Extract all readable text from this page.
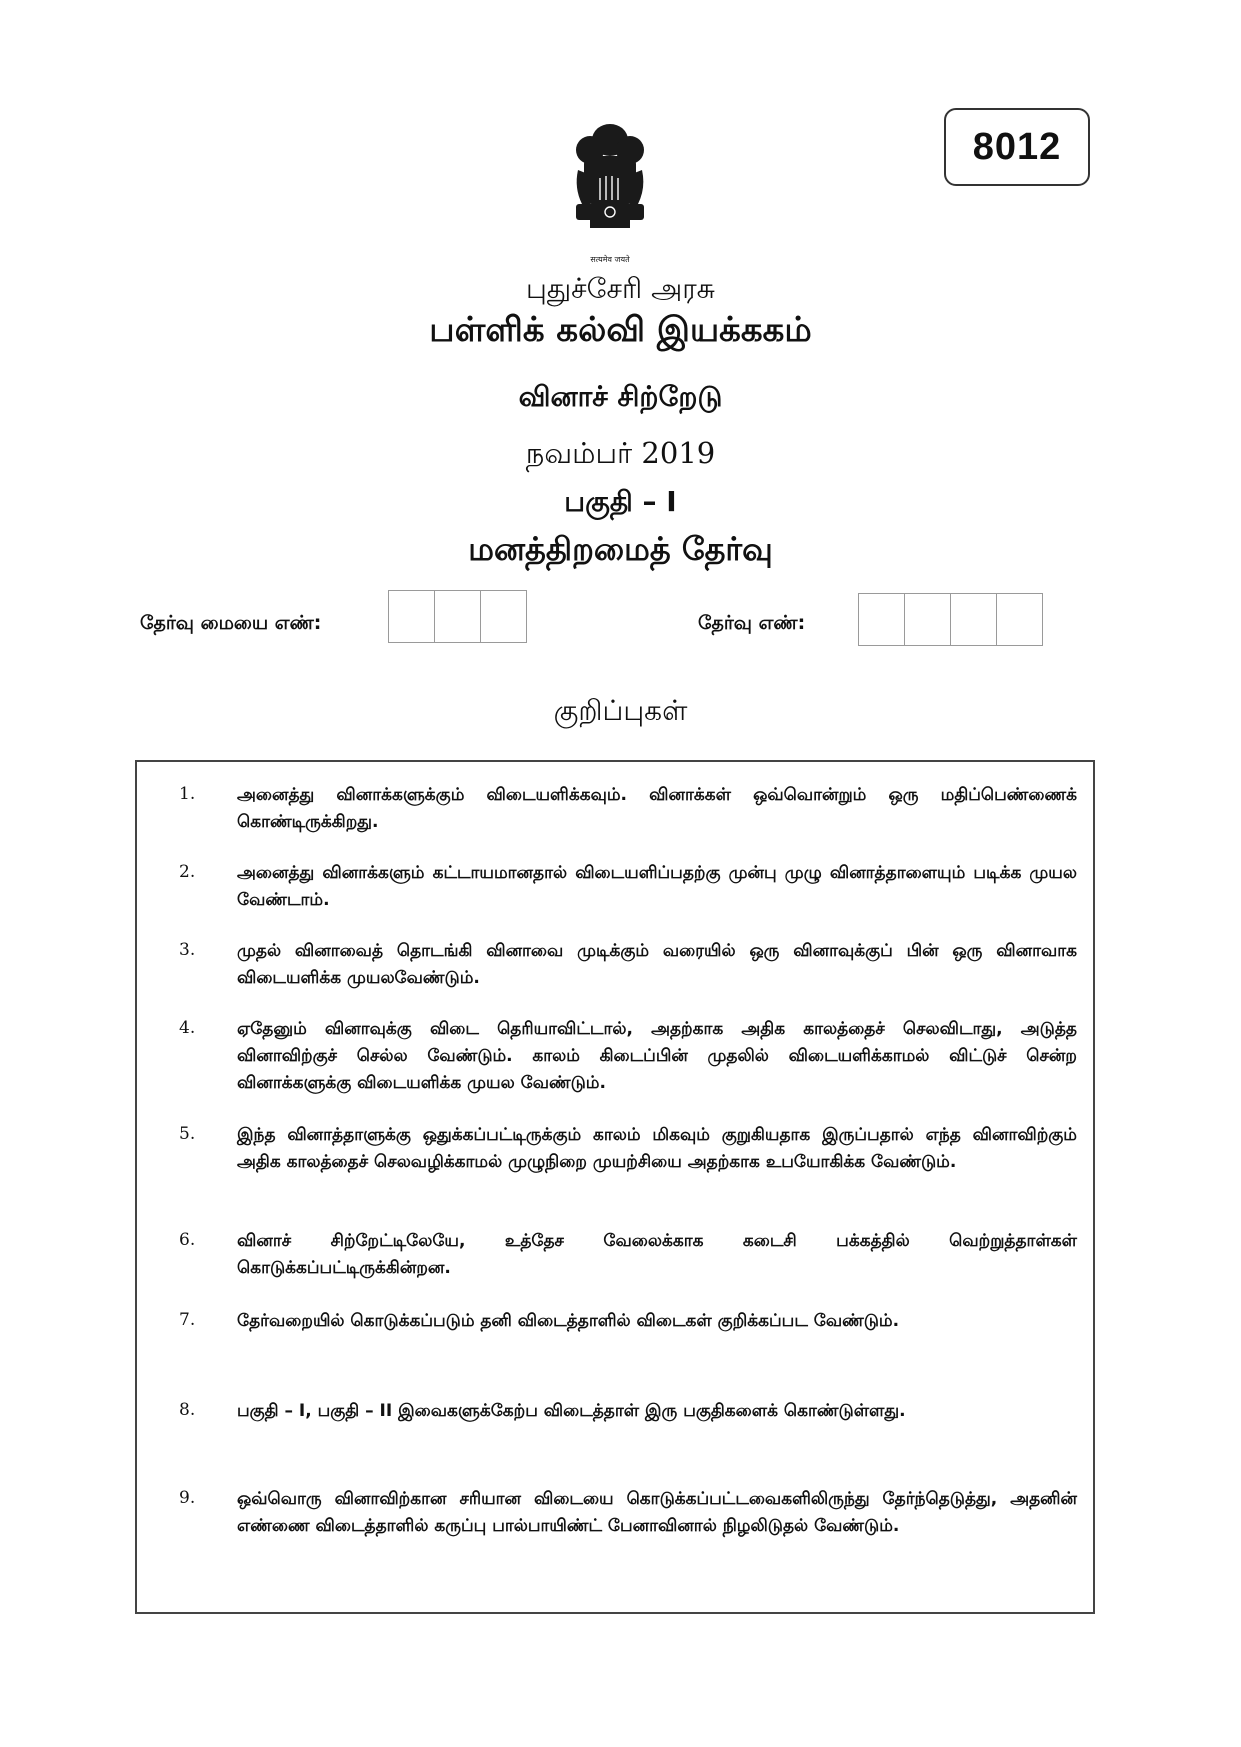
सत्यमेव जयते
8012
புதுச்சேரி அரசு
பள்ளிக் கல்வி இயக்ககம்
வினாச் சிற்றேடு
நவம்பர் 2019
பகுதி – I
மனத்திறமைத் தேர்வு
தேர்வு மையை எண்:	தேர்வு எண்:
குறிப்புகள்
1. அனைத்து வினாக்களுக்கும் விடையளிக்கவும். வினாக்கள் ஒவ்வொன்றும் ஒரு மதிப்பெண்ணைக் கொண்டிருக்கிறது.
2. அனைத்து வினாக்களும் கட்டாயமானதால் விடையளிப்பதற்கு முன்பு முழு வினாத்தாளையும் படிக்க முயல வேண்டாம்.
3. முதல் வினாவைத் தொடங்கி வினாவை முடிக்கும் வரையில் ஒரு வினாவுக்குப் பின் ஒரு வினாவாக விடையளிக்க முயலவேண்டும்.
4. ஏதேனும் வினாவுக்கு விடை தெரியாவிட்டால், அதற்காக அதிக காலத்தைச் செலவிடாது, அடுத்த வினாவிற்குச் செல்ல வேண்டும். காலம் கிடைப்பின் முதலில் விடையளிக்காமல் விட்டுச் சென்ற வினாக்களுக்கு விடையளிக்க முயல வேண்டும்.
5. இந்த வினாத்தாளுக்கு ஒதுக்கப்பட்டிருக்கும் காலம் மிகவும் குறுகியதாக இருப்பதால் எந்த வினாவிற்கும் அதிக காலத்தைச் செலவழிக்காமல் முழுநிறை முயற்சியை அதற்காக உபயோகிக்க வேண்டும்.
6. வினாச் சிற்றேட்டிலேயே, உத்தேச வேலைக்காக கடைசி பக்கத்தில் வெற்றுத்தாள்கள் கொடுக்கப்பட்டிருக்கின்றன.
7. தேர்வறையில் கொடுக்கப்படும் தனி விடைத்தாளில் விடைகள் குறிக்கப்பட வேண்டும்.
8. பகுதி – I, பகுதி – II இவைகளுக்கேற்ப விடைத்தாள் இரு பகுதிகளைக் கொண்டுள்ளது.
9. ஒவ்வொரு வினாவிற்கான சரியான விடையை கொடுக்கப்பட்டவைகளிலிருந்து தேர்ந்தெடுத்து, அதனின் எண்ணை விடைத்தாளில் கருப்பு பால்பாயிண்ட் பேனாவினால் நிழலிடுதல் வேண்டும்.
